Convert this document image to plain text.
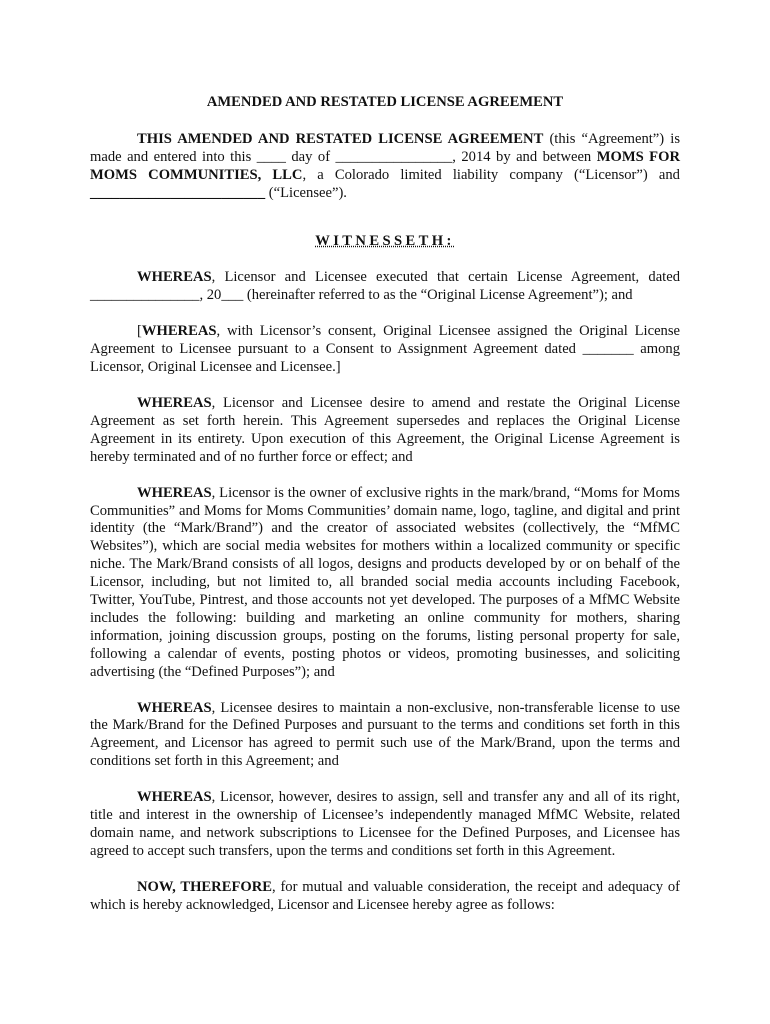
AMENDED AND RESTATED LICENSE AGREEMENT

THIS AMENDED AND RESTATED LICENSE AGREEMENT (this “Agreement”) is made and entered into this ____ day of ________________, 2014 by and between MOMS FOR MOMS COMMUNITIES, LLC, a Colorado limited liability company (“Licensor”) and ________________________ (“Licensee”).

WITNESSETH:

WHEREAS, Licensor and Licensee executed that certain License Agreement, dated _______________, 20___ (hereinafter referred to as the “Original License Agreement”); and

[WHEREAS, with Licensor’s consent, Original Licensee assigned the Original License Agreement to Licensee pursuant to a Consent to Assignment Agreement dated _______ among Licensor, Original Licensee and Licensee.]

WHEREAS, Licensor and Licensee desire to amend and restate the Original License Agreement as set forth herein. This Agreement supersedes and replaces the Original License Agreement in its entirety. Upon execution of this Agreement, the Original License Agreement is hereby terminated and of no further force or effect; and

WHEREAS, Licensor is the owner of exclusive rights in the mark/brand, “Moms for Moms Communities” and Moms for Moms Communities’ domain name, logo, tagline, and digital and print identity (the “Mark/Brand”) and the creator of associated websites (collectively, the “MfMC Websites”), which are social media websites for mothers within a localized community or specific niche. The Mark/Brand consists of all logos, designs and products developed by or on behalf of the Licensor, including, but not limited to, all branded social media accounts including Facebook, Twitter, YouTube, Pintrest, and those accounts not yet developed. The purposes of a MfMC Website includes the following: building and marketing an online community for mothers, sharing information, joining discussion groups, posting on the forums, listing personal property for sale, following a calendar of events, posting photos or videos, promoting businesses, and soliciting advertising (the “Defined Purposes”); and

WHEREAS, Licensee desires to maintain a non-exclusive, non-transferable license to use the Mark/Brand for the Defined Purposes and pursuant to the terms and conditions set forth in this Agreement, and Licensor has agreed to permit such use of the Mark/Brand, upon the terms and conditions set forth in this Agreement; and

WHEREAS, Licensor, however, desires to assign, sell and transfer any and all of its right, title and interest in the ownership of Licensee’s independently managed MfMC Website, related domain name, and network subscriptions to Licensee for the Defined Purposes, and Licensee has agreed to accept such transfers, upon the terms and conditions set forth in this Agreement.

NOW, THEREFORE, for mutual and valuable consideration, the receipt and adequacy of which is hereby acknowledged, Licensor and Licensee hereby agree as follows:
